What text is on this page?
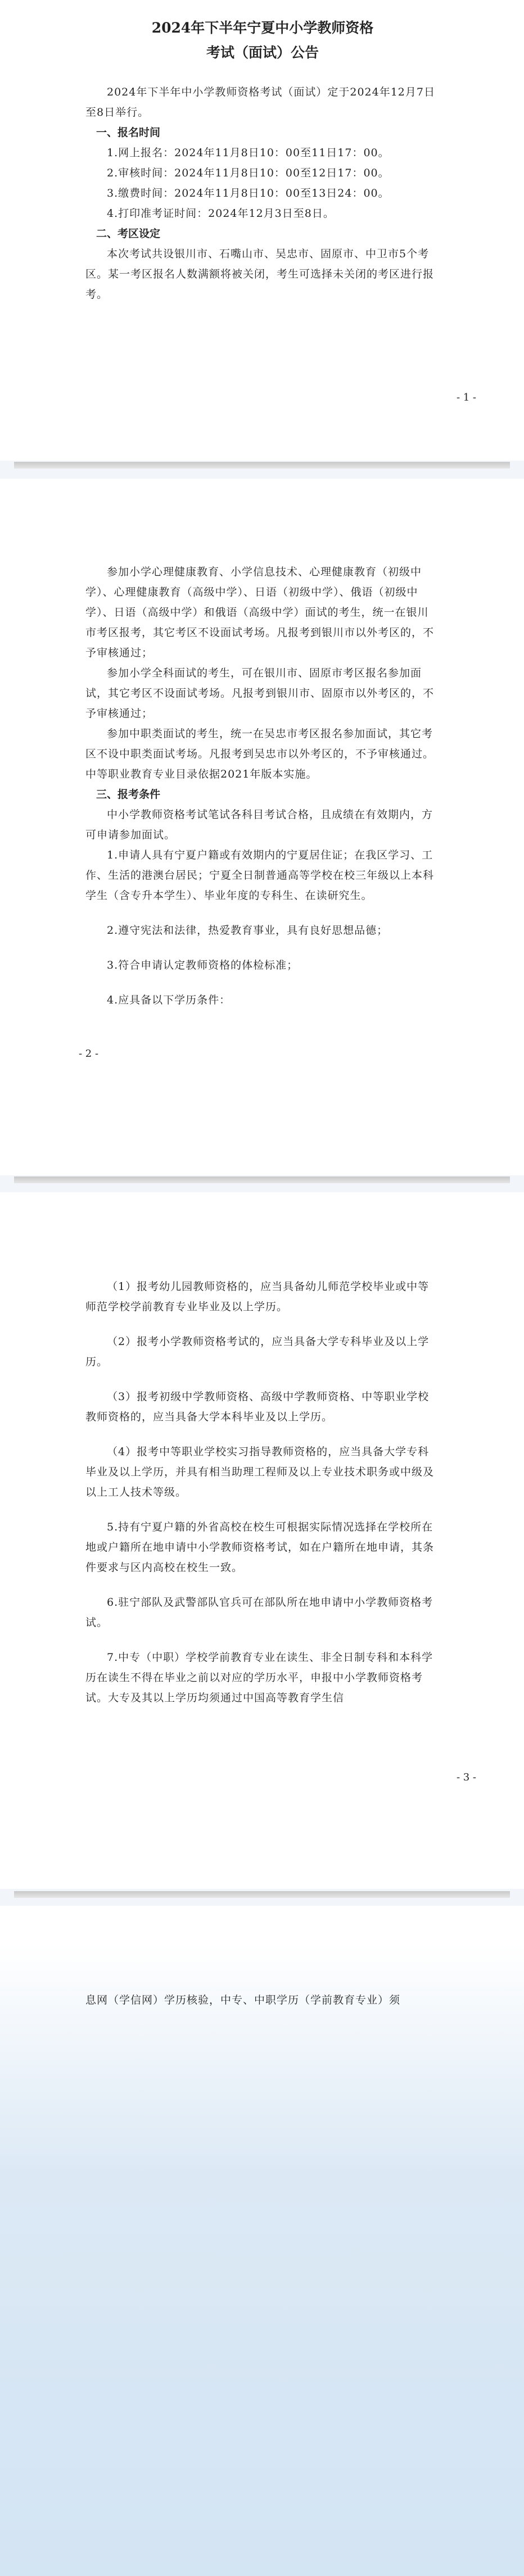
2024年下半年宁夏中小学教师资格

考试（面试）公告

2024年下半年中小学教师资格考试（面试）定于2024年12月7日至8日举行。

一、报名时间

1.网上报名：2024年11月8日10：00至11日17：00。

2.审核时间：2024年11月8日10：00至12日17：00。

3.缴费时间：2024年11月8日10：00至13日24：00。

4.打印准考证时间：2024年12月3日至8日。

二、考区设定

本次考试共设银川市、石嘴山市、吴忠市、固原市、中卫市5个考区。某一考区报名人数满额将被关闭，考生可选择未关闭的考区进行报考。

- 1 -

参加小学心理健康教育、小学信息技术、心理健康教育（初级中学）、心理健康教育（高级中学）、日语（初级中学）、俄语（初级中学）、日语（高级中学）和俄语（高级中学）面试的考生，统一在银川市考区报考，其它考区不设面试考场。凡报考到银川市以外考区的，不予审核通过；

参加小学全科面试的考生，可在银川市、固原市考区报名参加面试，其它考区不设面试考场。凡报考到银川市、固原市以外考区的，不予审核通过；

参加中职类面试的考生，统一在吴忠市考区报名参加面试，其它考区不设中职类面试考场。凡报考到吴忠市以外考区的，不予审核通过。中等职业教育专业目录依据2021年版本实施。

三、报考条件

中小学教师资格考试笔试各科目考试合格，且成绩在有效期内，方可申请参加面试。

1.申请人具有宁夏户籍或有效期内的宁夏居住证；在我区学习、工作、生活的港澳台居民；宁夏全日制普通高等学校在校三年级以上本科学生（含专升本学生）、毕业年度的专科生、在读研究生。

2.遵守宪法和法律，热爱教育事业，具有良好思想品德；

3.符合申请认定教师资格的体检标准；

4.应具备以下学历条件：

- 2 -

（1）报考幼儿园教师资格的，应当具备幼儿师范学校毕业或中等师范学校学前教育专业毕业及以上学历。

（2）报考小学教师资格考试的，应当具备大学专科毕业及以上学历。

（3）报考初级中学教师资格、高级中学教师资格、中等职业学校教师资格的，应当具备大学本科毕业及以上学历。

（4）报考中等职业学校实习指导教师资格的，应当具备大学专科毕业及以上学历，并具有相当助理工程师及以上专业技术职务或中级及以上工人技术等级。

5.持有宁夏户籍的外省高校在校生可根据实际情况选择在学校所在地或户籍所在地申请中小学教师资格考试，如在户籍所在地申请，其条件要求与区内高校在校生一致。

6.驻宁部队及武警部队官兵可在部队所在地申请中小学教师资格考试。

7.中专（中职）学校学前教育专业在读生、非全日制专科和本科学历在读生不得在毕业之前以对应的学历水平，申报中小学教师资格考试。大专及其以上学历均须通过中国高等教育学生信

- 3 -

息网（学信网）学历核验，中专、中职学历（学前教育专业）须
